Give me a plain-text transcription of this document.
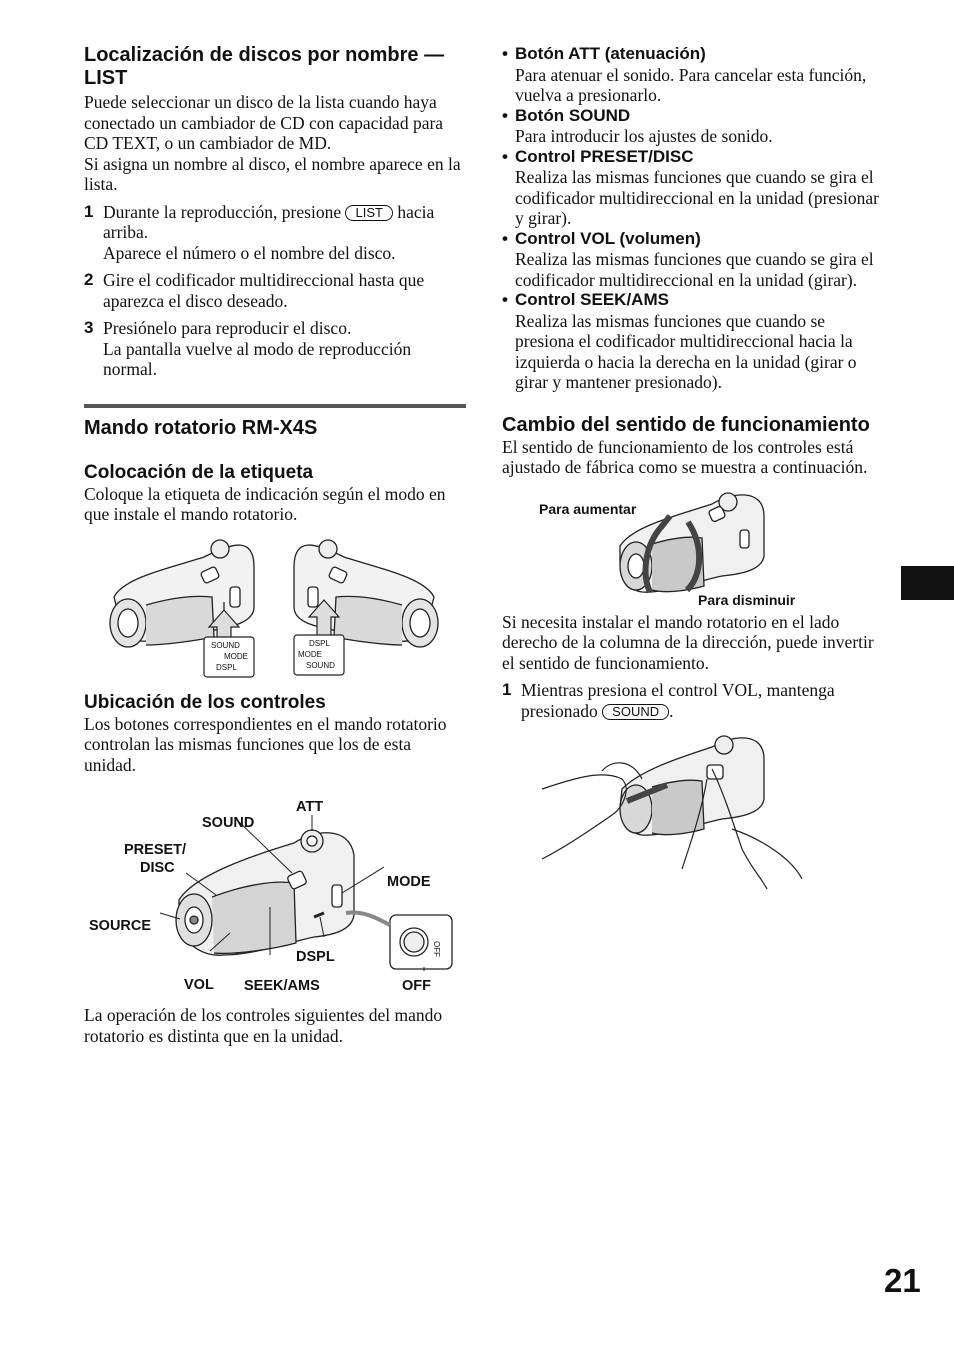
Localización de discos por nombre — LIST

Puede seleccionar un disco de la lista cuando haya conectado un cambiador de CD con capacidad para CD TEXT, o un cambiador de MD.

Si asigna un nombre al disco, el nombre aparece en la lista.

1 Durante la reproducción, presione LIST hacia arriba.

Aparece el número o el nombre del disco.

2 Gire el codificador multidireccional hasta que aparezca el disco deseado.

3 Presiónelo para reproducir el disco.

La pantalla vuelve al modo de reproducción normal.

Mando rotatorio RM-X4S
Colocación de la etiqueta

Coloque la etiqueta de indicación según el modo en que instale el mando rotatorio.

SOUND
MODE
DSPL
DSPL
MODE
SOUND
Ubicación de los controles

Los botones correspondientes en el mando rotatorio controlan las mismas funciones que los de esta unidad.

OFF
ATT
SOUND
PRESET/
DISC
MODE
SOURCE
DSPL
VOL SEEK/AMS	OFF

La operación de los controles siguientes del mando rotatorio es distinta que en la unidad.

• Botón ATT (atenuación)

Para atenuar el sonido. Para cancelar esta función, vuelva a presionarlo.

• Botón SOUND

Para introducir los ajustes de sonido.

• Control PRESET/DISC

Realiza las mismas funciones que cuando se gira el codificador multidireccional en la unidad (presionar y girar).

• Control VOL (volumen)

Realiza las mismas funciones que cuando se gira el codificador multidireccional en la unidad (girar).

• Control SEEK/AMS

Realiza las mismas funciones que cuando se presiona el codificador multidireccional hacia la izquierda o hacia la derecha en la unidad (girar o girar y mantener presionado).

Cambio del sentido de funcionamiento

El sentido de funcionamiento de los controles está ajustado de fábrica como se muestra a continuación.

Para aumentar
Para disminuir

Si necesita instalar el mando rotatorio en el lado derecho de la columna de la dirección, puede invertir el sentido de funcionamiento.

1 Mientras presiona el control VOL, mantenga presionado SOUND .

21
